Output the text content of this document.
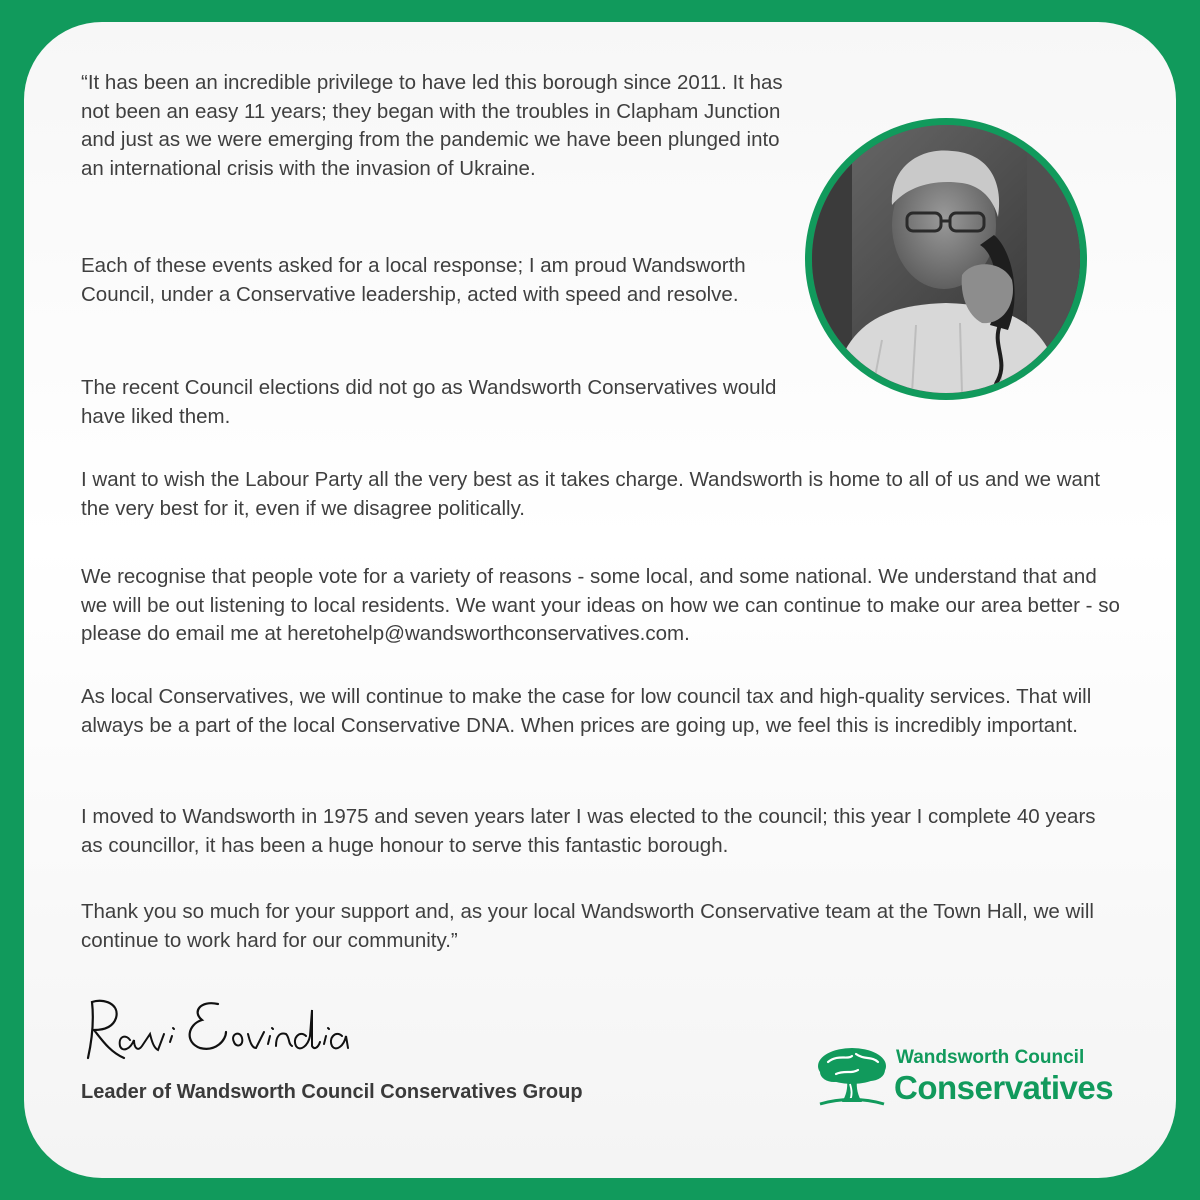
“It has been an incredible privilege to have led this borough since 2011. It has not been an easy 11 years; they began with the troubles in Clapham Junction and just as we were emerging from the pandemic we have been plunged into an international crisis with the invasion of Ukraine.

Each of these events asked for a local response; I am proud Wandsworth Council, under a Conservative leadership, acted with speed and resolve.

The recent Council elections did not go as Wandsworth Conservatives would have liked them.

I want to wish the Labour Party all the very best as it takes charge. Wandsworth is home to all of us and we want the very best for it, even if we disagree politically.

We recognise that people vote for a variety of reasons - some local, and some national. We understand that and we will be out listening to local residents. We want your ideas on how we can continue to make our area better - so please do email me at heretohelp@wandsworthconservatives.com.

As local Conservatives, we will continue to make the case for low council tax and high-quality services. That will always be a part of the local Conservative DNA. When prices are going up, we feel this is incredibly important.

I moved to Wandsworth in 1975 and seven years later I was elected to the council; this year I complete 40 years as councillor, it has been a huge honour to serve this fantastic borough.

Thank you so much for your support and, as your local Wandsworth Conservative team at the Town Hall, we will continue to work hard for our community.”

Leader of Wandsworth Council Conservatives Group

Wandsworth Council
Conservatives
